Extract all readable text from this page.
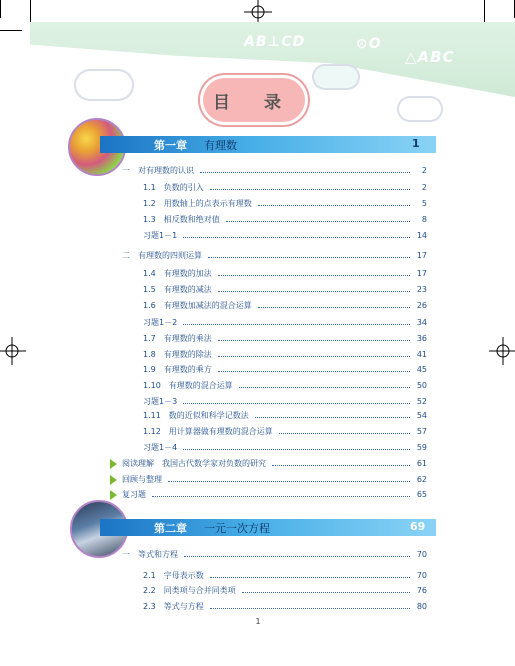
AB⊥CD	⊙O
△ABC
目 录
第一章 有理数	1
一　对有理数的认识	2
1.1　负数的引入	2
1.2　用数轴上的点表示有理数	5
1.3　相反数和绝对值	8
习题1－1	14
二　有理数的四则运算	17
1.4　有理数的加法	17
1.5　有理数的减法	23
1.6　有理数加减法的混合运算	26
习题1－2	34
1.7　有理数的乘法	36
1.8　有理数的除法	41
1.9　有理数的乘方	45
1.10　有理数的混合运算	50
习题1－3	52
1.11　数的近似和科学记数法	54
1.12　用计算器做有理数的混合运算	57
习题1－4	59
阅读理解　我国古代数学家对负数的研究	61
回顾与整理	62
复习题	65
第二章 一元一次方程	69
一　等式和方程	70
2.1　字母表示数	70
2.2　同类项与合并同类项	76
2.3　等式与方程	80
1
